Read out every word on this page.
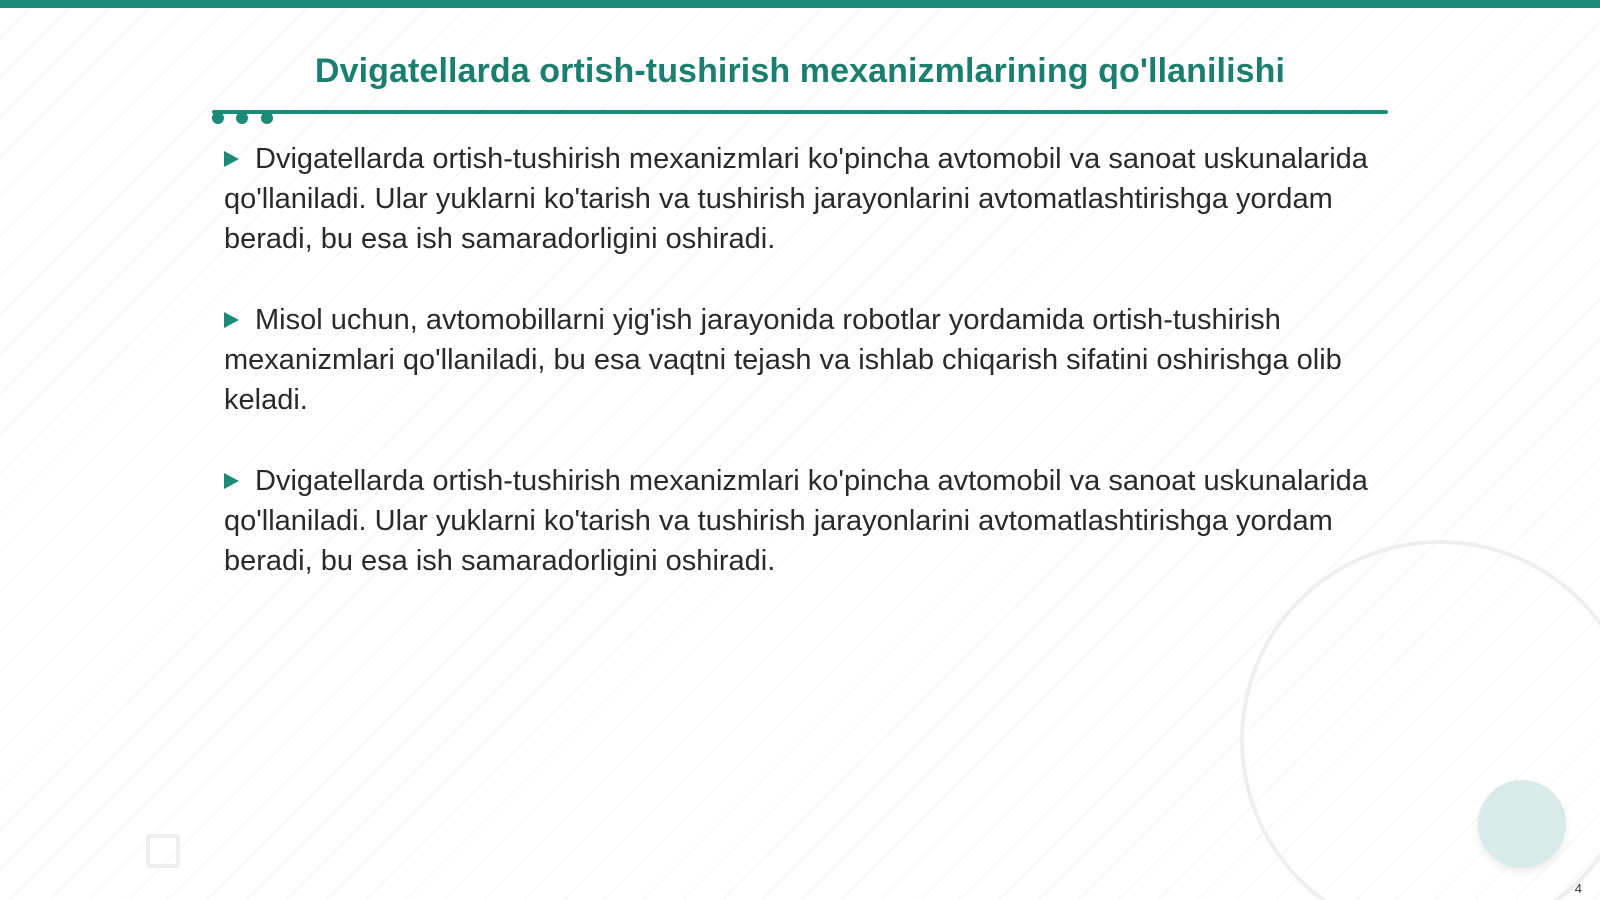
Dvigatellarda ortish-tushirish mexanizmlarining qo'llanilishi

Dvigatellarda ortish-tushirish mexanizmlari ko'pincha avtomobil va sanoat uskunalarida qo'llaniladi. Ular yuklarni ko'tarish va tushirish jarayonlarini avtomatlashtirishga yordam beradi, bu esa ish samaradorligini oshiradi.

Misol uchun, avtomobillarni yig'ish jarayonida robotlar yordamida ortish-tushirish mexanizmlari qo'llaniladi, bu esa vaqtni tejash va ishlab chiqarish sifatini oshirishga olib keladi.

Dvigatellarda ortish-tushirish mexanizmlari ko'pincha avtomobil va sanoat uskunalarida qo'llaniladi. Ular yuklarni ko'tarish va tushirish jarayonlarini avtomatlashtirishga yordam beradi, bu esa ish samaradorligini oshiradi.

4
